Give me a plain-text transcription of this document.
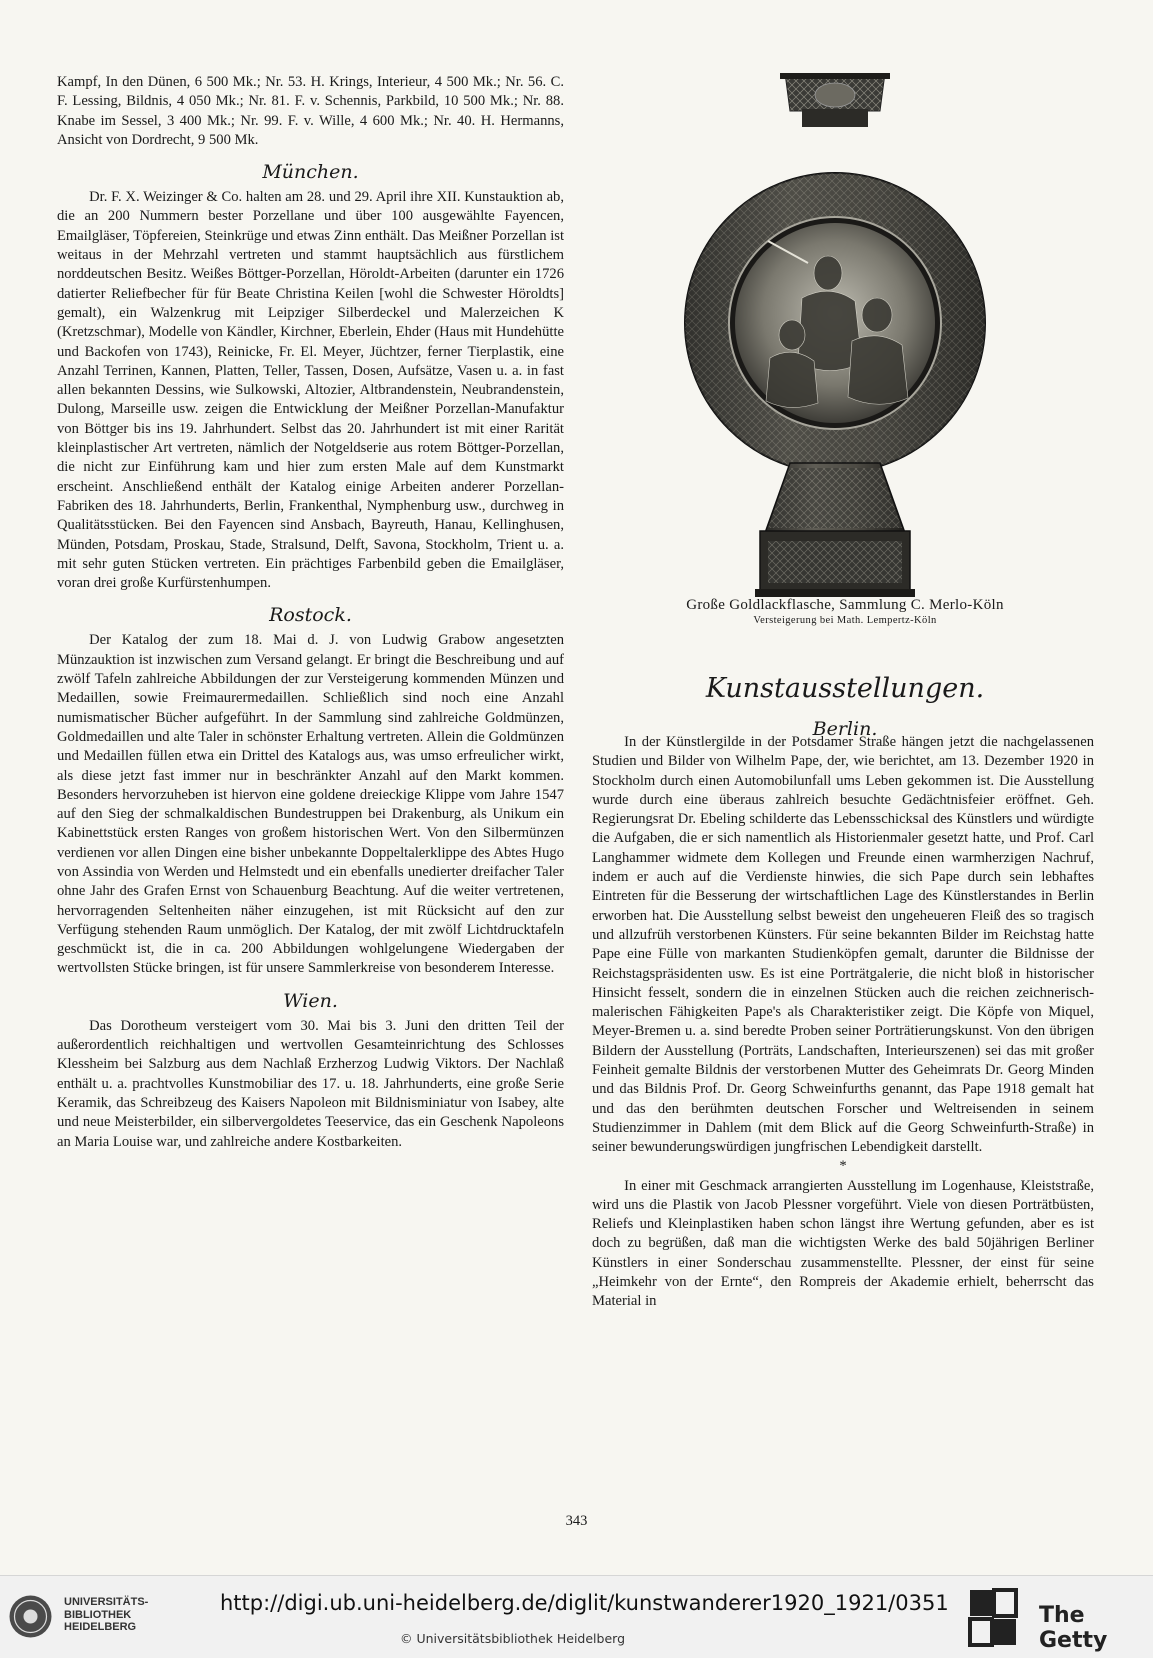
Kampf, In den Dünen, 6 500 Mk.; Nr. 53. H. Krings, Interieur, 4 500 Mk.; Nr. 56. C. F. Lessing, Bildnis, 4 050 Mk.; Nr. 81. F. v. Schennis, Parkbild, 10 500 Mk.; Nr. 88. Knabe im Sessel, 3 400 Mk.; Nr. 99. F. v. Wille, 4 600 Mk.; Nr. 40. H. Hermanns, Ansicht von Dordrecht, 9 500 Mk.

München.

Dr. F. X. Weizinger & Co. halten am 28. und 29. April ihre XII. Kunstauktion ab, die an 200 Nummern bester Porzellane und über 100 ausgewählte Fayencen, Emailgläser, Töpfereien, Steinkrüge und etwas Zinn enthält. Das Meißner Porzellan ist weitaus in der Mehrzahl vertreten und stammt hauptsächlich aus fürstlichem norddeutschen Besitz. Weißes Böttger-Porzellan, Höroldt-Arbeiten (darunter ein 1726 datierter Reliefbecher für für Beate Christina Keilen [wohl die Schwester Höroldts] gemalt), ein Walzenkrug mit Leipziger Silberdeckel und Malerzeichen K (Kretzschmar), Modelle von Kändler, Kirchner, Eberlein, Ehder (Haus mit Hundehütte und Backofen von 1743), Reinicke, Fr. El. Meyer, Jüchtzer, ferner Tierplastik, eine Anzahl Terrinen, Kannen, Platten, Teller, Tassen, Dosen, Aufsätze, Vasen u. a. in fast allen bekannten Dessins, wie Sulkowski, Altozier, Altbrandenstein, Neubrandenstein, Dulong, Marseille usw. zeigen die Entwicklung der Meißner Porzellan-Manufaktur von Böttger bis ins 19. Jahrhundert. Selbst das 20. Jahrhundert ist mit einer Rarität kleinplastischer Art vertreten, nämlich der Notgeldserie aus rotem Böttger-Porzellan, die nicht zur Einführung kam und hier zum ersten Male auf dem Kunstmarkt erscheint. Anschließend enthält der Katalog einige Arbeiten anderer Porzellan-Fabriken des 18. Jahrhunderts, Berlin, Frankenthal, Nymphenburg usw., durchweg in Qualitätsstücken. Bei den Fayencen sind Ansbach, Bayreuth, Hanau, Kellinghusen, Münden, Potsdam, Proskau, Stade, Stralsund, Delft, Savona, Stockholm, Trient u. a. mit sehr guten Stücken vertreten. Ein prächtiges Farbenbild geben die Emailgläser, voran drei große Kurfürstenhumpen.

Rostock.

Der Katalog der zum 18. Mai d. J. von Ludwig Grabow angesetzten Münzauktion ist inzwischen zum Versand gelangt. Er bringt die Beschreibung und auf zwölf Tafeln zahlreiche Abbildungen der zur Versteigerung kommenden Münzen und Medaillen, sowie Freimaurermedaillen. Schließlich sind noch eine Anzahl numismatischer Bücher aufgeführt. In der Sammlung sind zahlreiche Goldmünzen, Goldmedaillen und alte Taler in schönster Erhaltung vertreten. Allein die Goldmünzen und Medaillen füllen etwa ein Drittel des Katalogs aus, was umso erfreulicher wirkt, als diese jetzt fast immer nur in beschränkter Anzahl auf den Markt kommen. Besonders hervorzuheben ist hiervon eine goldene dreieckige Klippe vom Jahre 1547 auf den Sieg der schmalkaldischen Bundestruppen bei Drakenburg, als Unikum ein Kabinettstück ersten Ranges von großem historischen Wert. Von den Silbermünzen verdienen vor allen Dingen eine bisher unbekannte Doppeltalerklippe des Abtes Hugo von Assindia von Werden und Helmstedt und ein ebenfalls unedierter dreifacher Taler ohne Jahr des Grafen Ernst von Schauenburg Beachtung. Auf die weiter vertretenen, hervorragenden Seltenheiten näher einzugehen, ist mit Rücksicht auf den zur Verfügung stehenden Raum unmöglich. Der Katalog, der mit zwölf Lichtdrucktafeln geschmückt ist, die in ca. 200 Abbildungen wohlgelungene Wiedergaben der wertvollsten Stücke bringen, ist für unsere Sammlerkreise von besonderem Interesse.

Wien.

Das Dorotheum versteigert vom 30. Mai bis 3. Juni den dritten Teil der außerordentlich reichhaltigen und wertvollen Gesamteinrichtung des Schlosses Klessheim bei Salzburg aus dem Nachlaß Erzherzog Ludwig Viktors. Der Nachlaß enthält u. a. prachtvolles Kunstmobiliar des 17. u. 18. Jahrhunderts, eine große Serie Keramik, das Schreibzeug des Kaisers Napoleon mit Bildnisminiatur von Isabey, alte und neue Meisterbilder, ein silbervergoldetes Teeservice, das ein Geschenk Napoleons an Maria Louise war, und zahlreiche andere Kostbarkeiten.

Große Goldlackflasche, Sammlung C. Merlo-Köln
Versteigerung bei Math. Lempertz-Köln
Kunstausstellungen.
Berlin.

In der Künstlergilde in der Potsdamer Straße hängen jetzt die nachgelassenen Studien und Bilder von Wilhelm Pape, der, wie berichtet, am 13. Dezember 1920 in Stockholm durch einen Automobilunfall ums Leben gekommen ist. Die Ausstellung wurde durch eine überaus zahlreich besuchte Gedächtnisfeier eröffnet. Geh. Regierungsrat Dr. Ebeling schilderte das Lebensschicksal des Künstlers und würdigte die Aufgaben, die er sich namentlich als Historienmaler gesetzt hatte, und Prof. Carl Langhammer widmete dem Kollegen und Freunde einen warmherzigen Nachruf, indem er auch auf die Verdienste hinwies, die sich Pape durch sein lebhaftes Eintreten für die Besserung der wirtschaftlichen Lage des Künstlerstandes in Berlin erworben hat. Die Ausstellung selbst beweist den ungeheueren Fleiß des so tragisch und allzufrüh verstorbenen Künsters. Für seine bekannten Bilder im Reichstag hatte Pape eine Fülle von markanten Studienköpfen gemalt, darunter die Bildnisse der Reichstagspräsidenten usw. Es ist eine Porträtgalerie, die nicht bloß in historischer Hinsicht fesselt, sondern die in einzelnen Stücken auch die reichen zeichnerisch-malerischen Fähigkeiten Pape's als Charakteristiker zeigt. Die Köpfe von Miquel, Meyer-Bremen u. a. sind beredte Proben seiner Porträtierungskunst. Von den übrigen Bildern der Ausstellung (Porträts, Landschaften, Interieurszenen) sei das mit großer Feinheit gemalte Bildnis der verstorbenen Mutter des Geheimrats Dr. Georg Minden und das Bildnis Prof. Dr. Georg Schweinfurths genannt, das Pape 1918 gemalt hat und das den berühmten deutschen Forscher und Weltreisenden in seinem Studienzimmer in Dahlem (mit dem Blick auf die Georg Schweinfurth-Straße) in seiner bewunderungswürdigen jungfrischen Lebendigkeit darstellt.

*

In einer mit Geschmack arrangierten Ausstellung im Logenhause, Kleiststraße, wird uns die Plastik von Jacob Plessner vorgeführt. Viele von diesen Porträtbüsten, Reliefs und Kleinplastiken haben schon längst ihre Wertung gefunden, aber es ist doch zu begrüßen, daß man die wichtigsten Werke des bald 50jährigen Berliner Künstlers in einer Sonderschau zusammenstellte. Plessner, der einst für seine „Heimkehr von der Ernte“, den Rompreis der Akademie erhielt, beherrscht das Material in

343
UNIVERSITÄTS-
BIBLIOTHEK
HEIDELBERG
http://digi.ub.uni-heidelberg.de/diglit/kunstwanderer1920_1921/0351
© Universitätsbibliothek Heidelberg
The Getty
